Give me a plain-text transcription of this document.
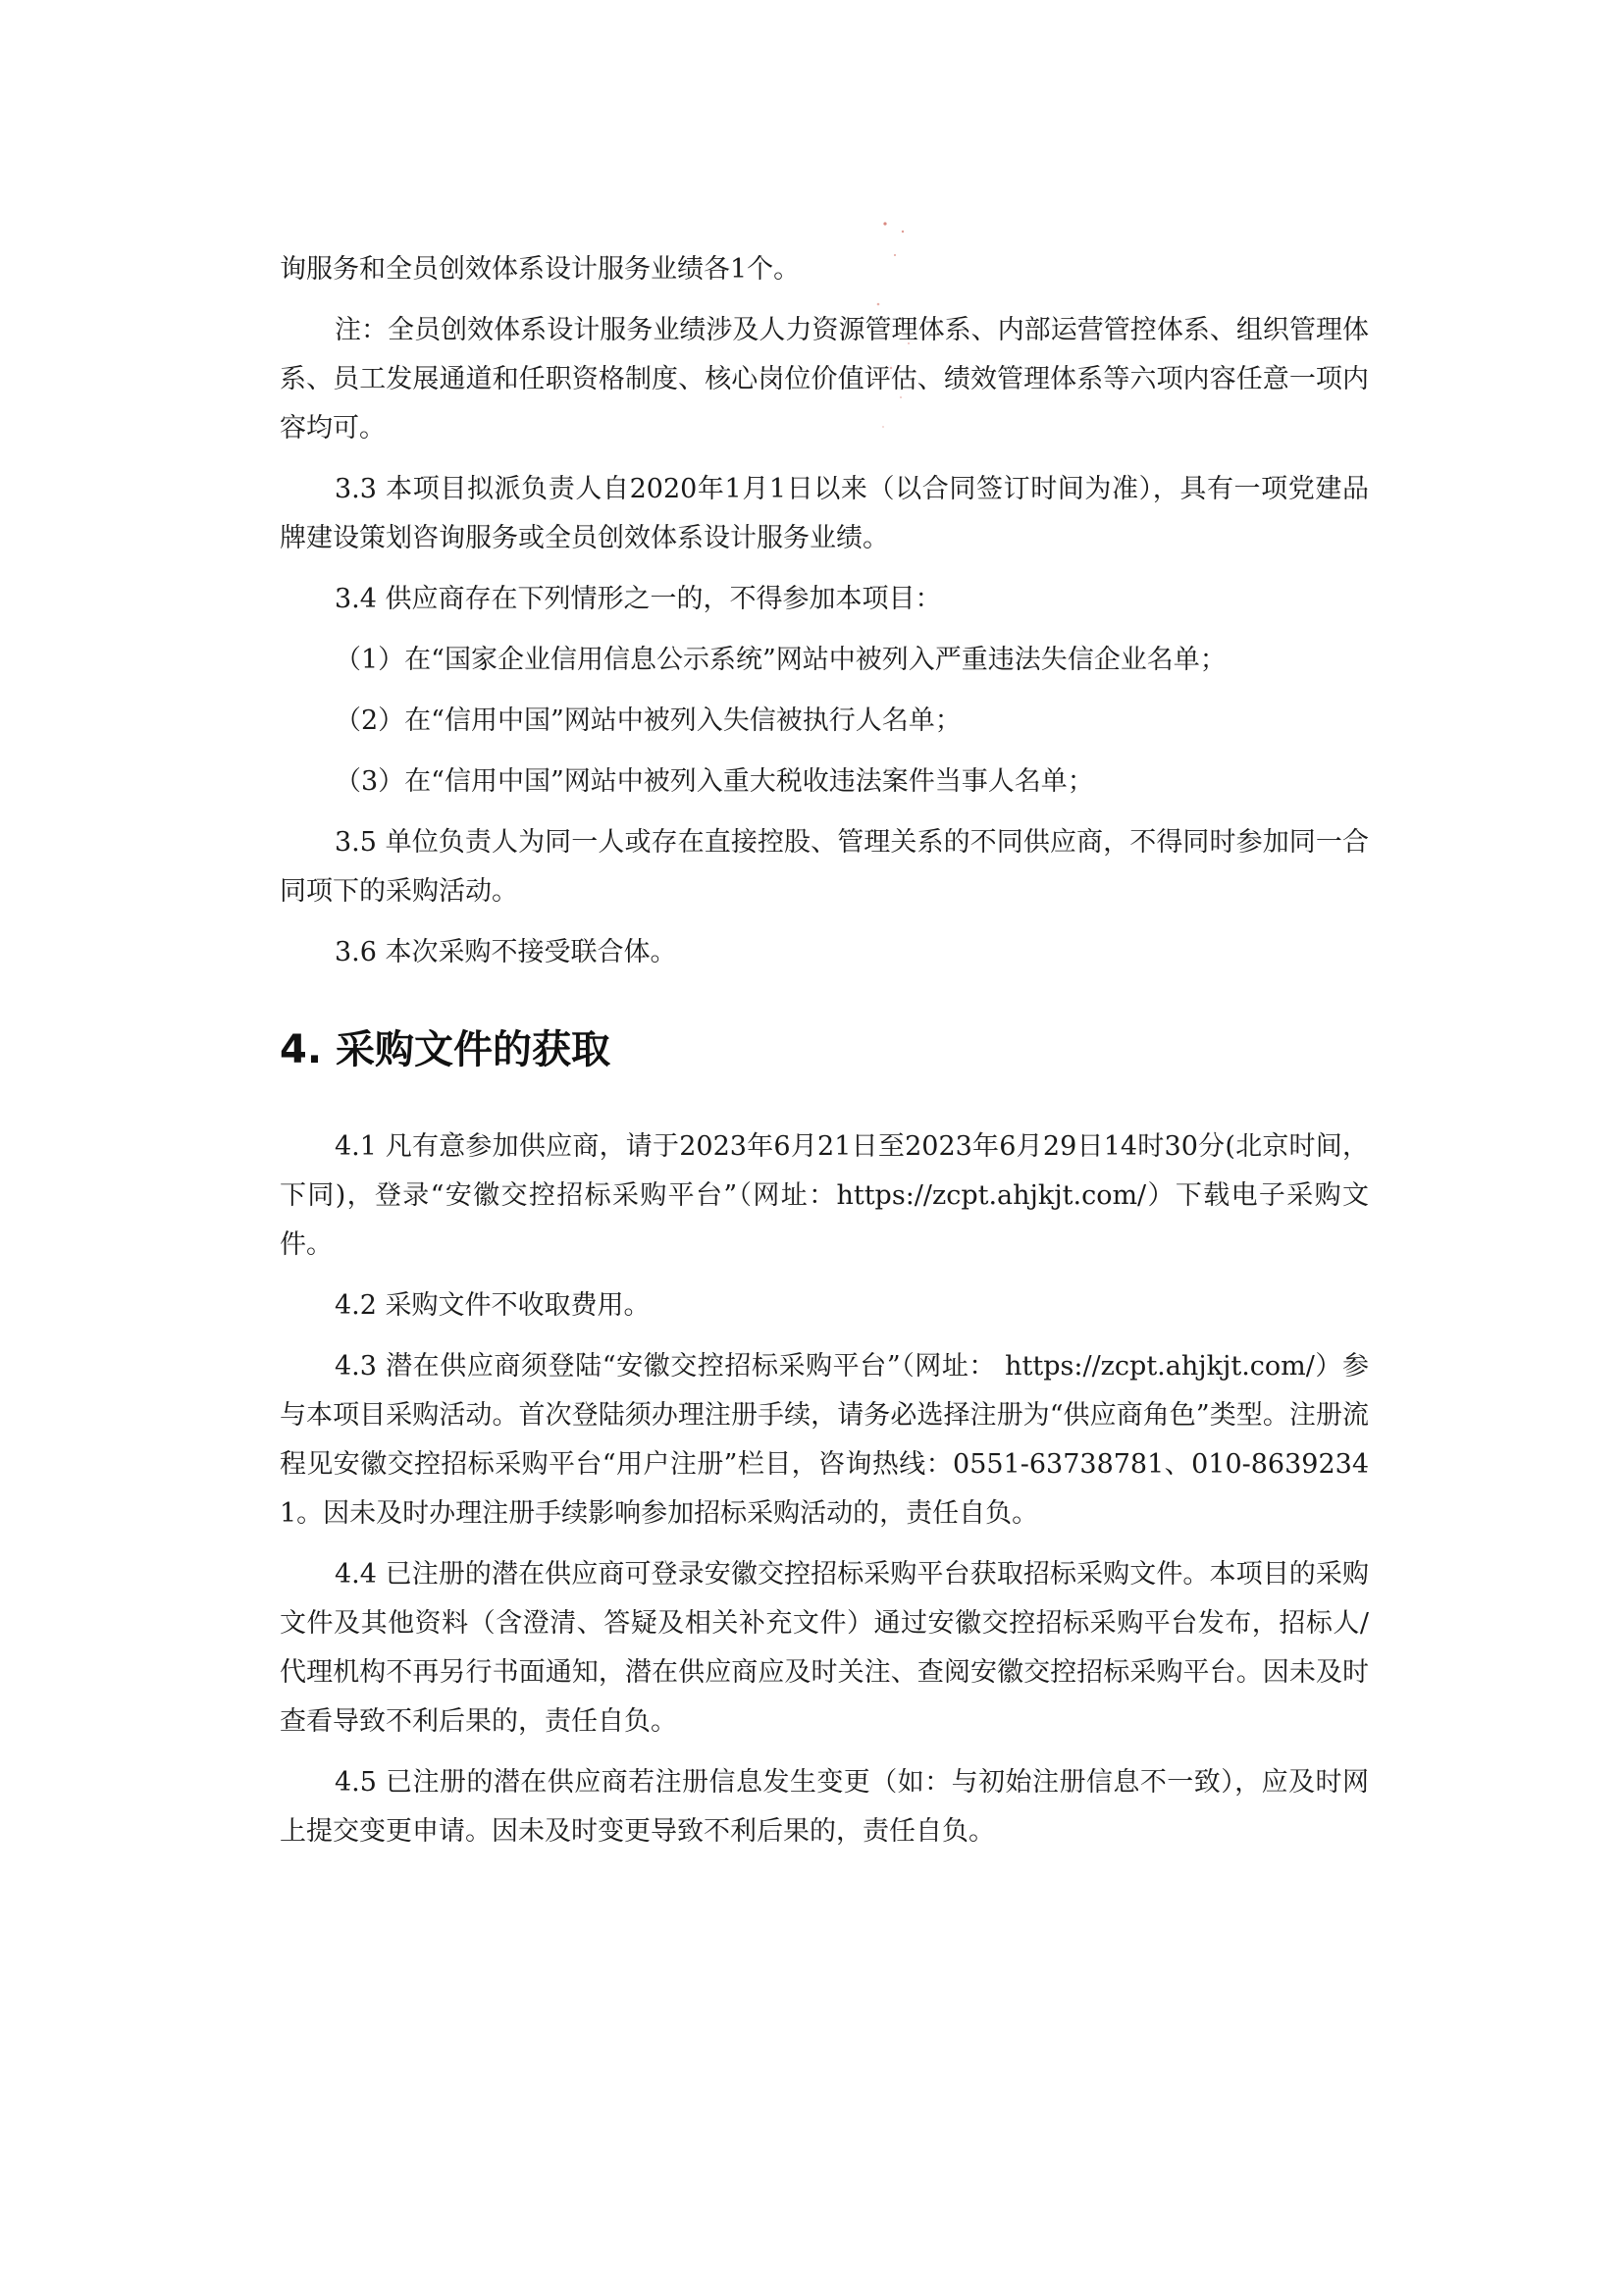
询服务和全员创效体系设计服务业绩各1个。

注：全员创效体系设计服务业绩涉及人力资源管理体系、内部运营管控体系、组织管理体系、员工发展通道和任职资格制度、核心岗位价值评估、绩效管理体系等六项内容任意一项内容均可。

3.3 本项目拟派负责人自2020年1月1日以来（以合同签订时间为准），具有一项党建品牌建设策划咨询服务或全员创效体系设计服务业绩。

3.4 供应商存在下列情形之一的，不得参加本项目：

（1）在“国家企业信用信息公示系统”网站中被列入严重违法失信企业名单；

（2）在“信用中国”网站中被列入失信被执行人名单；

（3）在“信用中国”网站中被列入重大税收违法案件当事人名单；

3.5 单位负责人为同一人或存在直接控股、管理关系的不同供应商，不得同时参加同一合同项下的采购活动。

3.6 本次采购不接受联合体。

4. 采购文件的获取

4.1 凡有意参加供应商，请于2023年6月21日至2023年6月29日14时30分(北京时间，下同)，登录“安徽交控招标采购平台”（网址：https://zcpt.ahjkjt.com/）下载电子采购文件。

4.2 采购文件不收取费用。

4.3 潜在供应商须登陆“安徽交控招标采购平台”（网址： https://zcpt.ahjkjt.com/）参与本项目采购活动。首次登陆须办理注册手续，请务必选择注册为“供应商角色”类型。注册流程见安徽交控招标采购平台“用户注册”栏目，咨询热线：0551-63738781、010-86392341。因未及时办理注册手续影响参加招标采购活动的，责任自负。

4.4 已注册的潜在供应商可登录安徽交控招标采购平台获取招标采购文件。本项目的采购文件及其他资料（含澄清、答疑及相关补充文件）通过安徽交控招标采购平台发布，招标人/代理机构不再另行书面通知，潜在供应商应及时关注、查阅安徽交控招标采购平台。因未及时查看导致不利后果的，责任自负。

4.5 已注册的潜在供应商若注册信息发生变更（如：与初始注册信息不一致），应及时网上提交变更申请。因未及时变更导致不利后果的，责任自负。
